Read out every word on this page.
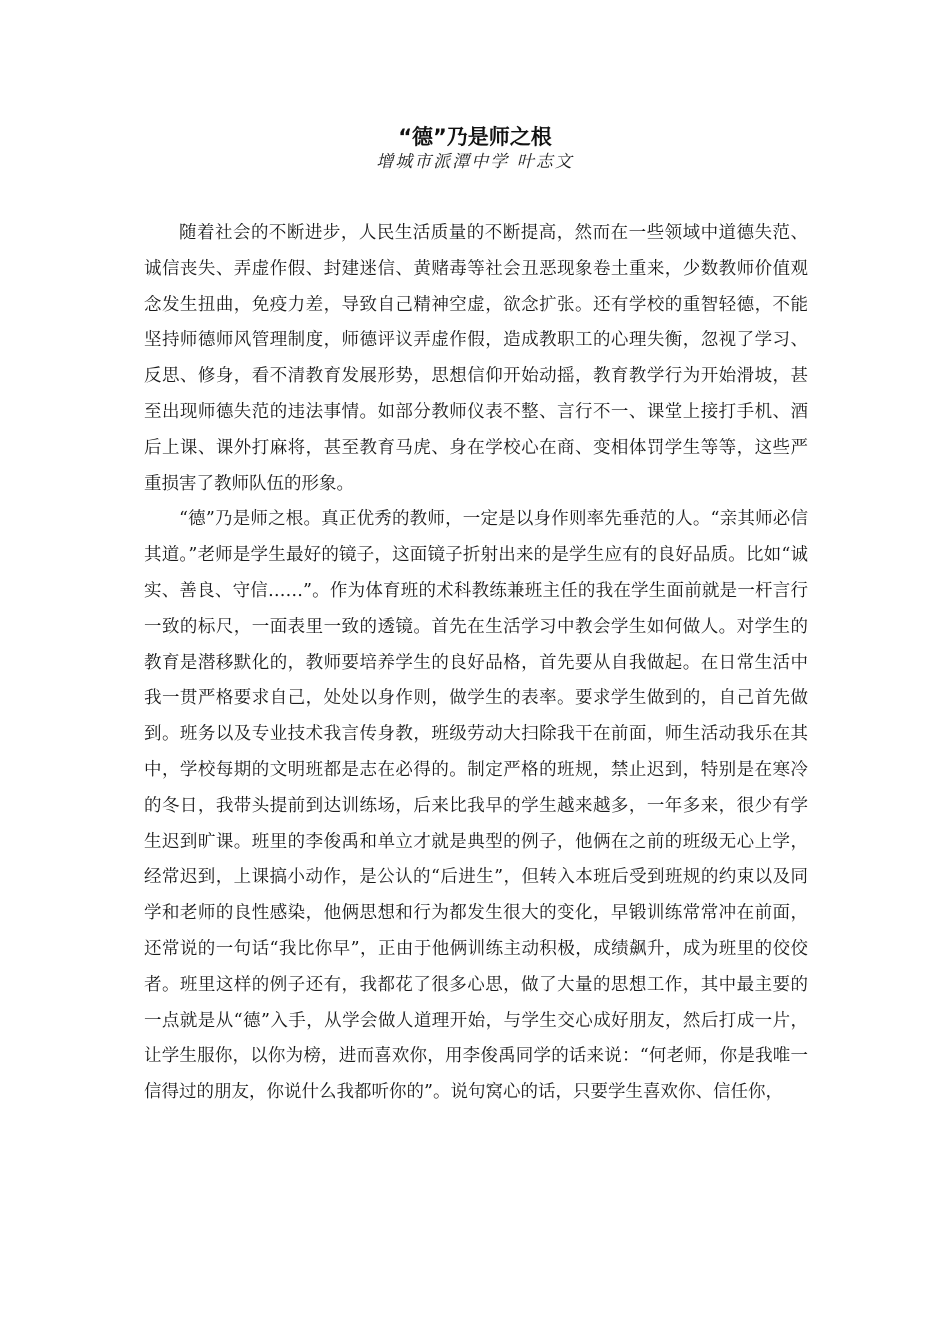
“德”乃是师之根
增城市派潭中学 叶志文

随着社会的不断进步，人民生活质量的不断提高，然而在一些领域中道德失范、诚信丧失、弄虚作假、封建迷信、黄赌毒等社会丑恶现象卷土重来，少数教师价值观念发生扭曲，免疫力差，导致自己精神空虚，欲念扩张。还有学校的重智轻德，不能坚持师德师风管理制度，师德评议弄虚作假，造成教职工的心理失衡，忽视了学习、反思、修身，看不清教育发展形势，思想信仰开始动摇，教育教学行为开始滑坡，甚至出现师德失范的违法事情。如部分教师仪表不整、言行不一、课堂上接打手机、酒后上课、课外打麻将，甚至教育马虎、身在学校心在商、变相体罚学生等等，这些严重损害了教师队伍的形象。

“德”乃是师之根。真正优秀的教师，一定是以身作则率先垂范的人。“亲其师必信其道。”老师是学生最好的镜子，这面镜子折射出来的是学生应有的良好品质。比如“诚实、善良、守信……”。作为体育班的术科教练兼班主任的我在学生面前就是一杆言行一致的标尺，一面表里一致的透镜。首先在生活学习中教会学生如何做人。对学生的教育是潜移默化的，教师要培养学生的良好品格，首先要从自我做起。在日常生活中我一贯严格要求自己，处处以身作则，做学生的表率。要求学生做到的，自己首先做到。班务以及专业技术我言传身教，班级劳动大扫除我干在前面，师生活动我乐在其中，学校每期的文明班都是志在必得的。制定严格的班规，禁止迟到，特别是在寒冷的冬日，我带头提前到达训练场，后来比我早的学生越来越多，一年多来，很少有学生迟到旷课。班里的李俊禹和单立才就是典型的例子，他俩在之前的班级无心上学，经常迟到，上课搞小动作，是公认的“后进生”，但转入本班后受到班规的约束以及同学和老师的良性感染，他俩思想和行为都发生很大的变化，早锻训练常常冲在前面，还常说的一句话“我比你早”，正由于他俩训练主动积极，成绩飙升，成为班里的佼佼者。班里这样的例子还有，我都花了很多心思，做了大量的思想工作，其中最主要的一点就是从“德”入手，从学会做人道理开始，与学生交心成好朋友，然后打成一片，让学生服你，以你为榜，进而喜欢你，用李俊禹同学的话来说：“何老师，你是我唯一信得过的朋友，你说什么我都听你的”。说句窝心的话，只要学生喜欢你、信任你，
